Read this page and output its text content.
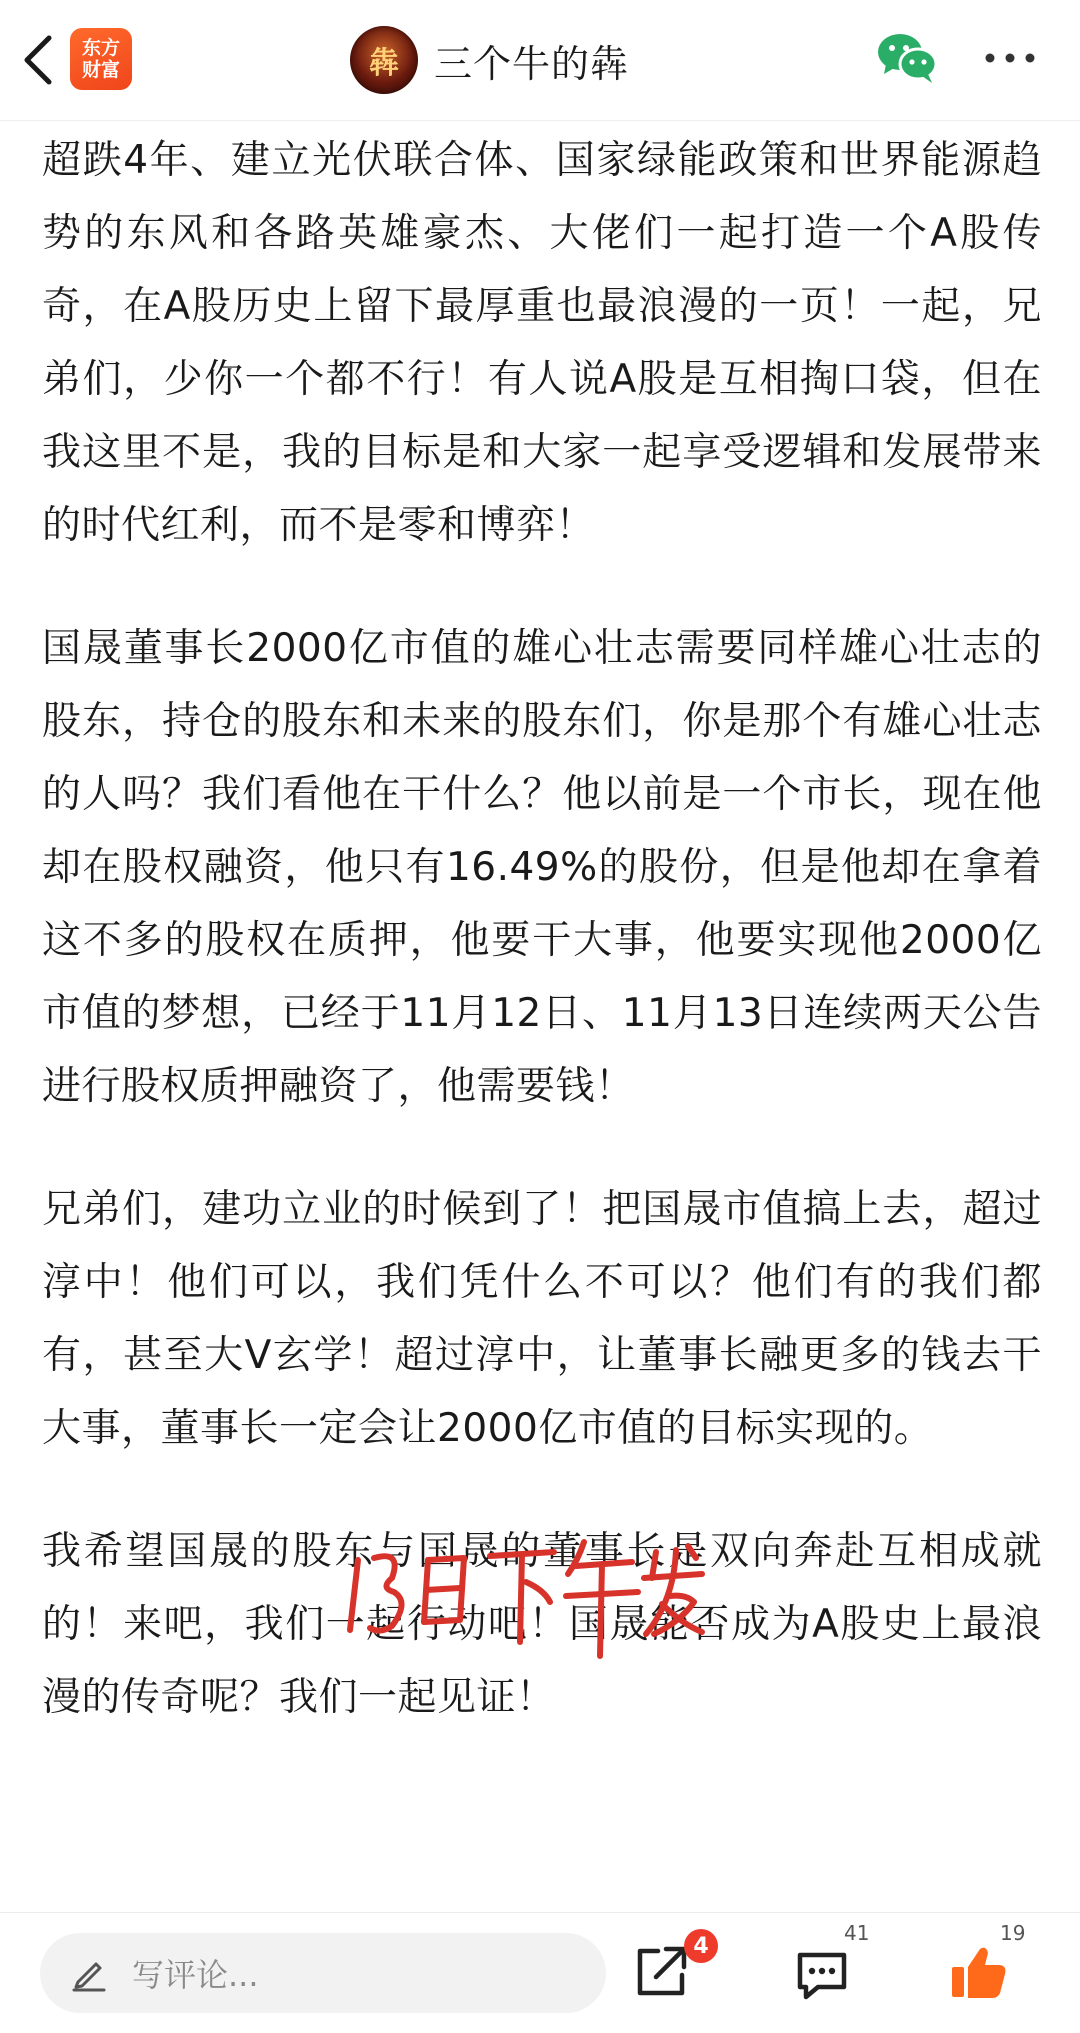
东方
财富	犇 三个牛的犇

超跌4年、建立光伏联合体、国家绿能政策和世界能源趋势的东风和各路英雄豪杰、大佬们一起打造一个A股传奇，在A股历史上留下最厚重也最浪漫的一页！一起，兄弟们，少你一个都不行！有人说A股是互相掏口袋，但在我这里不是，我的目标是和大家一起享受逻辑和发展带来的时代红利，而不是零和博弈！

国晟董事长2000亿市值的雄心壮志需要同样雄心壮志的股东，持仓的股东和未来的股东们，你是那个有雄心壮志的人吗？我们看他在干什么？他以前是一个市长，现在他却在股权融资，他只有16.49%的股份，但是他却在拿着这不多的股权在质押，他要干大事，他要实现他2000亿市值的梦想，已经于11月12日、11月13日连续两天公告进行股权质押融资了，他需要钱！

兄弟们，建功立业的时候到了！把国晟市值搞上去，超过淳中！他们可以，我们凭什么不可以？他们有的我们都有，甚至大V玄学！超过淳中，让董事长融更多的钱去干大事，董事长一定会让2000亿市值的目标实现的。

我希望国晟的股东与国晟的董事长是双向奔赴互相成就的！来吧，我们一起行动吧！国晟能否成为A股史上最浪漫的传奇呢？我们一起见证！

写评论...
4
41	19
